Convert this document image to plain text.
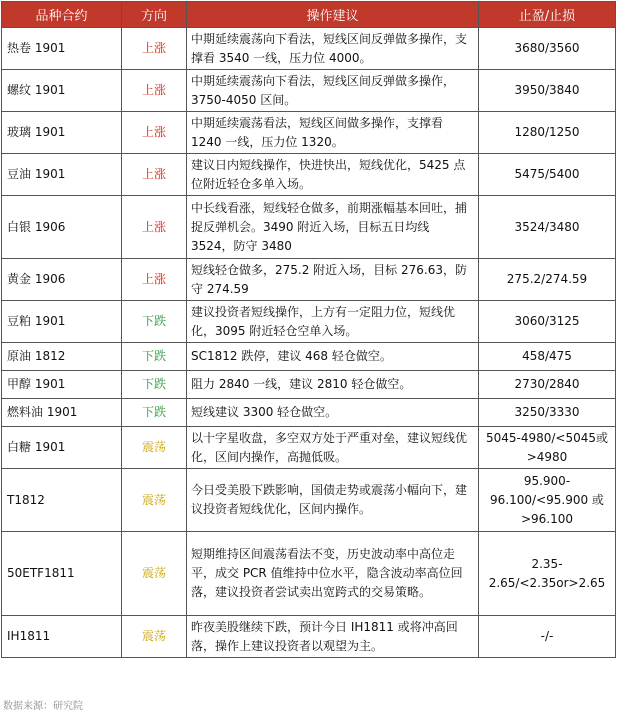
品种合约	方向	操作建议	止盈/止损
热卷 1901	上涨	中期延续震荡向下看法，短线区间反弹做多操作，支撑看 3540 一线，压力位 4000。	3680/3560
螺纹 1901	上涨	中期延续震荡向下看法，短线区间反弹做多操作， 3750-4050 区间。	3950/3840
玻璃 1901	上涨	中期延续震荡看法，短线区间做多操作，支撑看 1240 一线，压力位 1320。	1280/1250
豆油 1901	上涨	建议日内短线操作，快进快出，短线优化，5425 点位附近轻仓多单入场。	5475/5400
白银 1906	上涨	中长线看涨，短线轻仓做多，前期涨幅基本回吐，捕捉反弹机会。3490 附近入场，目标五日均线 3524，防守 3480	3524/3480
黄金 1906	上涨	短线轻仓做多，275.2 附近入场，目标 276.63，防守 274.59	275.2/274.59
豆粕 1901	下跌	建议投资者短线操作，上方有一定阻力位，短线优化，3095 附近轻仓空单入场。	3060/3125
原油 1812	下跌	SC1812 跌停，建议 468 轻仓做空。	458/475
甲醇 1901	下跌	阻力 2840 一线，建议 2810 轻仓做空。	2730/2840
燃料油 1901	下跌	短线建议 3300 轻仓做空。	3250/3330
白糖 1901	震荡	以十字星收盘，多空双方处于严重对垒，建议短线优化，区间内操作，高抛低吸。	5045-4980/<5045或>4980
T1812	震荡	今日受美股下跌影响，国债走势或震荡小幅向下，建议投资者短线优化，区间内操作。	95.900-96.100/<95.900 或>96.100
50ETF1811	震荡	短期维持区间震荡看法不变，历史波动率中高位走平，成交 PCR 值维持中位水平，隐含波动率高位回落，建议投资者尝试卖出宽跨式的交易策略。	2.35-2.65/<2.35or>2.65
IH1811	震荡	昨夜美股继续下跌，预计今日 IH1811 或将冲高回落，操作上建议投资者以观望为主。	-/-
数据来源：研究院
